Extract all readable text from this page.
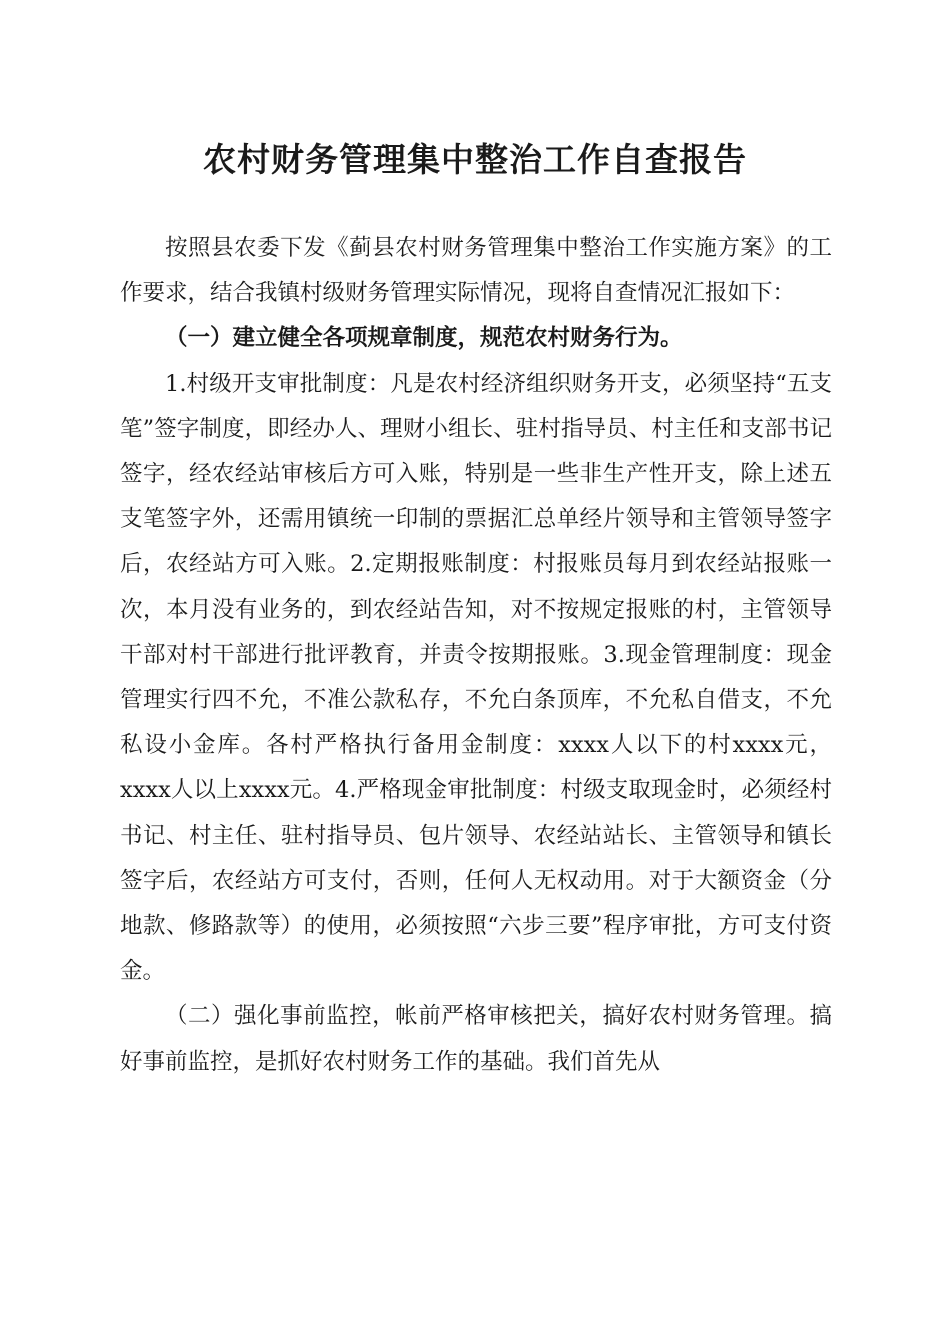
农村财务管理集中整治工作自查报告

按照县农委下发《蓟县农村财务管理集中整治工作实施方案》的工作要求，结合我镇村级财务管理实际情况，现将自查情况汇报如下：

（一）建立健全各项规章制度，规范农村财务行为。

1.村级开支审批制度：凡是农村经济组织财务开支，必须坚持“五支笔”签字制度，即经办人、理财小组长、驻村指导员、村主任和支部书记签字，经农经站审核后方可入账，特别是一些非生产性开支，除上述五支笔签字外，还需用镇统一印制的票据汇总单经片领导和主管领导签字后，农经站方可入账。2.定期报账制度：村报账员每月到农经站报账一次，本月没有业务的，到农经站告知，对不按规定报账的村，主管领导干部对村干部进行批评教育，并责令按期报账。3.现金管理制度：现金管理实行四不允，不准公款私存，不允白条顶库，不允私自借支，不允私设小金库。各村严格执行备用金制度：xxxx人以下的村xxxx元，xxxx人以上xxxx元。4.严格现金审批制度：村级支取现金时，必须经村书记、村主任、驻村指导员、包片领导、农经站站长、主管领导和镇长签字后，农经站方可支付，否则，任何人无权动用。对于大额资金（分地款、修路款等）的使用，必须按照“六步三要”程序审批，方可支付资金。

（二）强化事前监控，帐前严格审核把关，搞好农村财务管理。搞好事前监控，是抓好农村财务工作的基础。我们首先从
